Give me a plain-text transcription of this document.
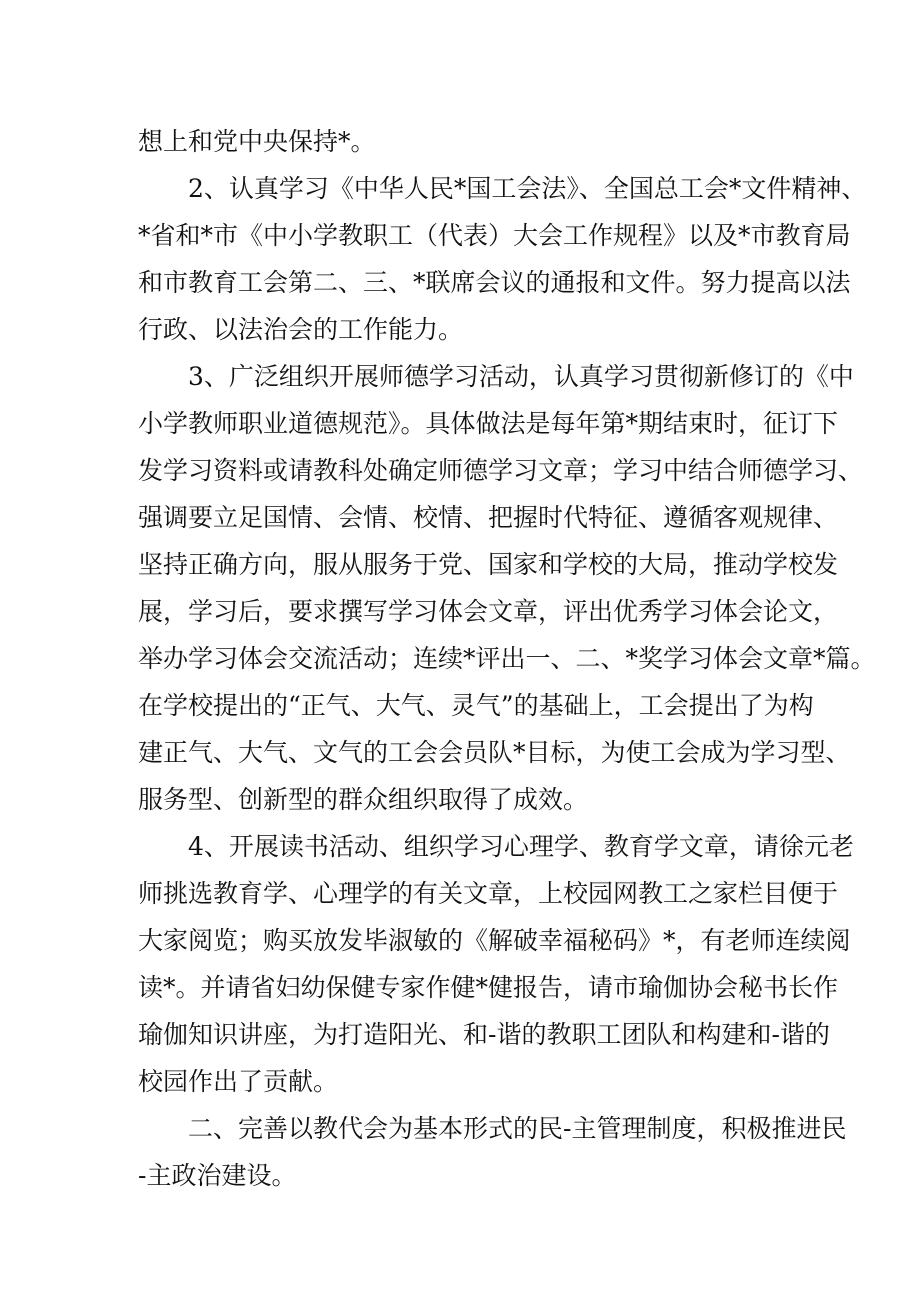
想上和党中央保持*。
2、认真学习《中华人民*国工会法》、全国总工会*文件精神、
*省和*市《中小学教职工（代表）大会工作规程》以及*市教育局
和市教育工会第二、三、*联席会议的通报和文件。努力提高以法
行政、以法治会的工作能力。
3、广泛组织开展师德学习活动，认真学习贯彻新修订的《中
小学教师职业道德规范》。具体做法是每年第*期结束时，征订下
发学习资料或请教科处确定师德学习文章；学习中结合师德学习、
强调要立足国情、会情、校情、把握时代特征、遵循客观规律、
坚持正确方向，服从服务于党、国家和学校的大局，推动学校发
展，学习后，要求撰写学习体会文章，评出优秀学习体会论文，
举办学习体会交流活动；连续*评出一、二、*奖学习体会文章*篇。
在学校提出的“正气、大气、灵气”的基础上，工会提出了为构
建正气、大气、文气的工会会员队*目标，为使工会成为学习型、
服务型、创新型的群众组织取得了成效。
4、开展读书活动、组织学习心理学、教育学文章，请徐元老
师挑选教育学、心理学的有关文章，上校园网教工之家栏目便于
大家阅览；购买放发毕淑敏的《解破幸福秘码》*，有老师连续阅
读*。并请省妇幼保健专家作健*健报告，请市瑜伽协会秘书长作
瑜伽知识讲座，为打造阳光、和-谐的教职工团队和构建和-谐的
校园作出了贡献。
二、完善以教代会为基本形式的民-主管理制度，积极推进民
-主政治建设。
